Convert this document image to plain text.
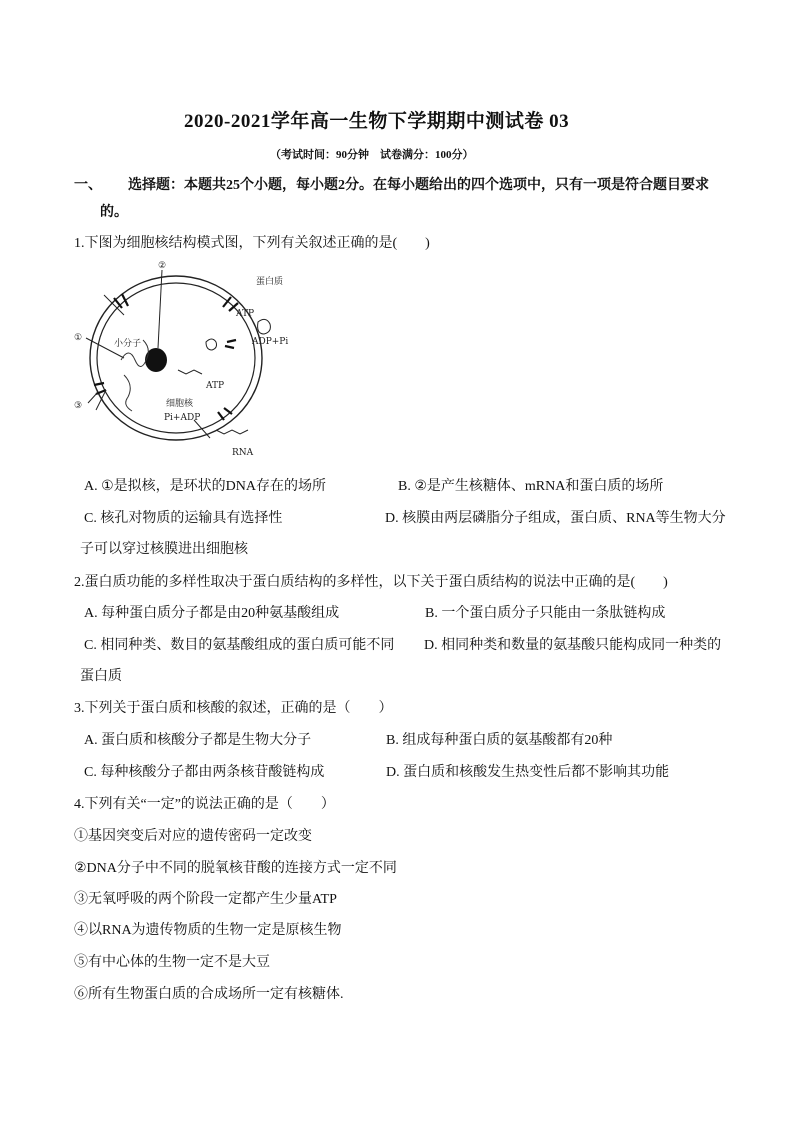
2020-2021学年高一生物下学期期中测试卷 03
（考试时间：90分钟　试卷满分：100分）
一、 选择题：本题共25个小题，每小题2分。在每小题给出的四个选项中，只有一项是符合题目要求
的。
1.下图为细胞核结构模式图，下列有关叙述正确的是(　　)
①
②
③
蛋白质
ATP
ADP+Pi
小分子
ATP
细胞核
Pi+ADP
RNA
A. ①是拟核，是环状的DNA存在的场所	B. ②是产生核糖体、mRNA和蛋白质的场所
C. 核孔对物质的运输具有选择性	D. 核膜由两层磷脂分子组成，蛋白质、RNA等生物大分
子可以穿过核膜进出细胞核
2.蛋白质功能的多样性取决于蛋白质结构的多样性，以下关于蛋白质结构的说法中正确的是(　　)
A. 每种蛋白质分子都是由20种氨基酸组成	B. 一个蛋白质分子只能由一条肽链构成
C. 相同种类、数目的氨基酸组成的蛋白质可能不同 D. 相同种类和数量的氨基酸只能构成同一种类的
蛋白质
3.下列关于蛋白质和核酸的叙述，正确的是（　　）
A. 蛋白质和核酸分子都是生物大分子	B. 组成每种蛋白质的氨基酸都有20种
C. 每种核酸分子都由两条核苷酸链构成	D. 蛋白质和核酸发生热变性后都不影响其功能
4.下列有关“一定”的说法正确的是（　　）
①基因突变后对应的遗传密码一定改变
②DNA分子中不同的脱氧核苷酸的连接方式一定不同
③无氧呼吸的两个阶段一定都产生少量ATP
④以RNA为遗传物质的生物一定是原核生物
⑤有中心体的生物一定不是大豆
⑥所有生物蛋白质的合成场所一定有核糖体.
